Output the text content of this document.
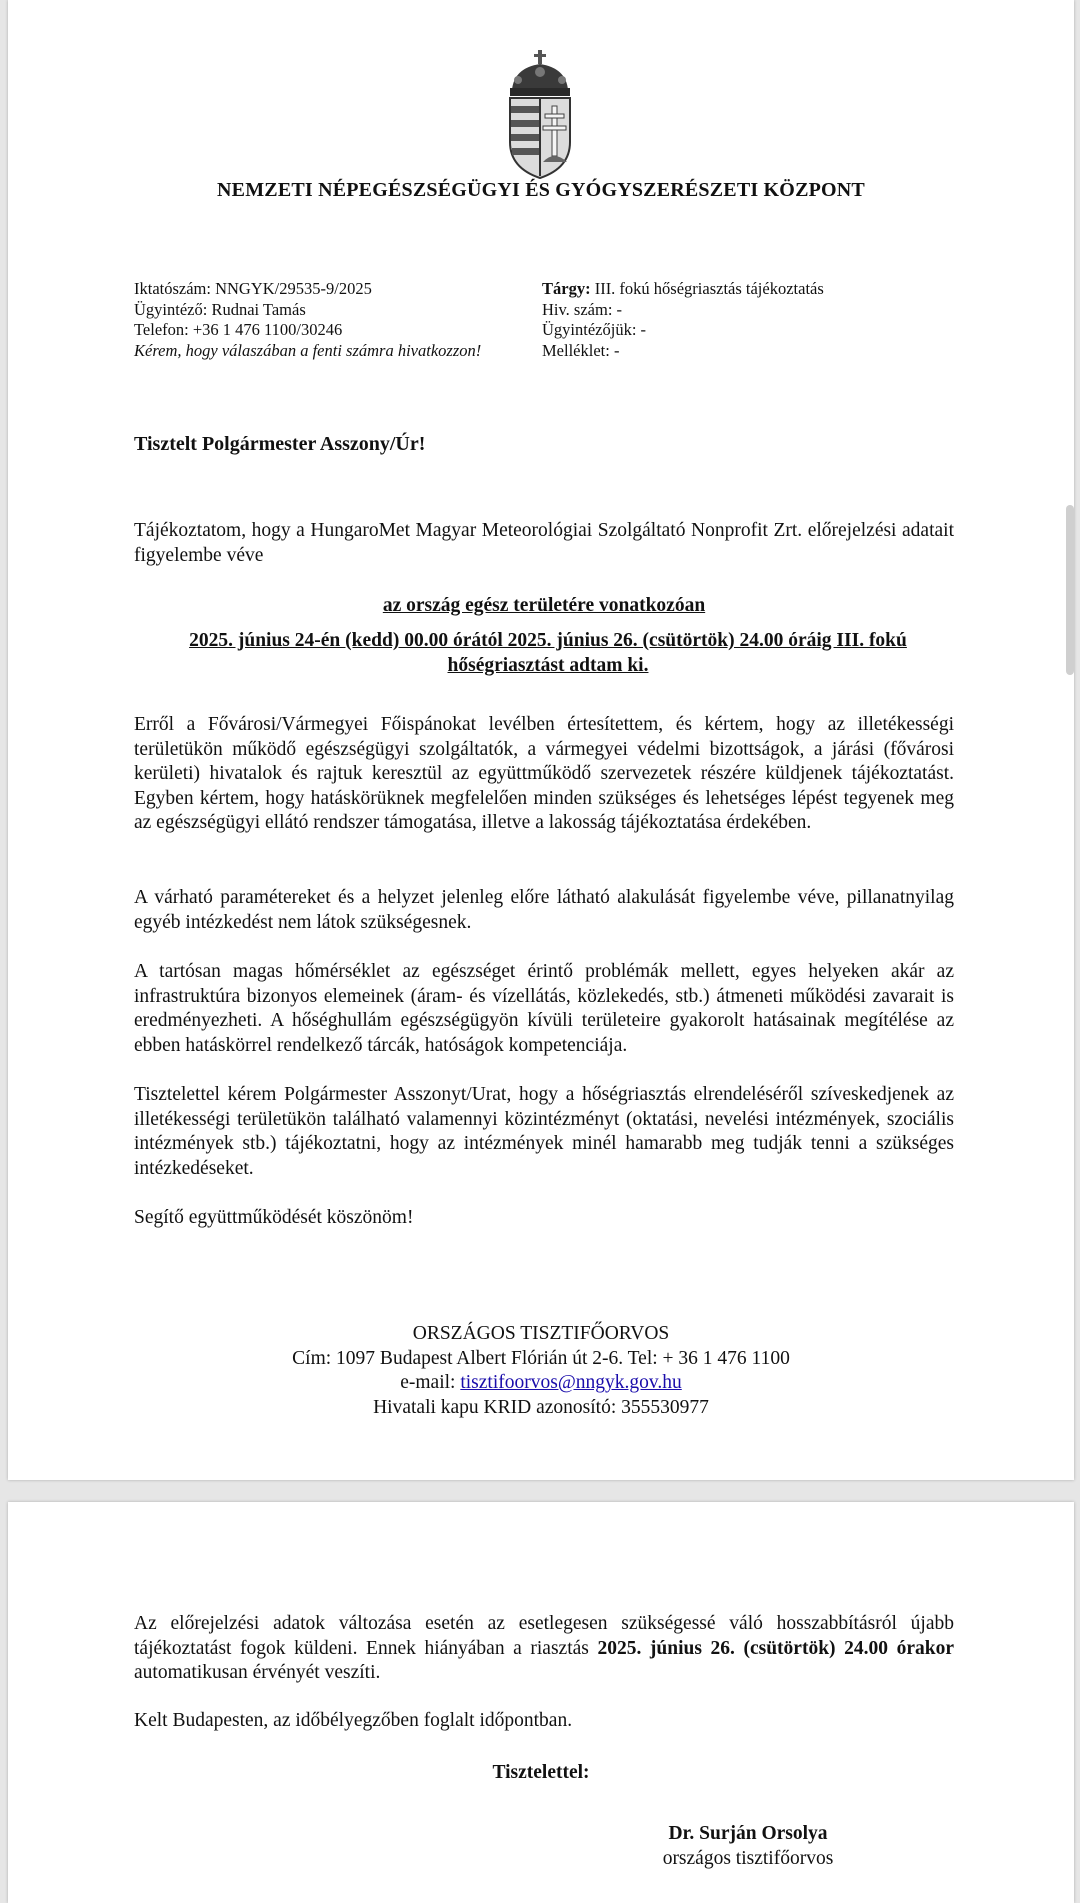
NEMZETI NÉPEGÉSZSÉGÜGYI ÉS GYÓGYSZERÉSZETI KÖZPONT
Iktatószám: NNGYK/29535-9/2025
Ügyintéző: Rudnai Tamás
Telefon: +36 1 476 1100/30246
Kérem, hogy válaszában a fenti számra hivatkozzon!
Tárgy: III. fokú hőségriasztás tájékoztatás
Hiv. szám: -
Ügyintézőjük: -
Melléklet: -
Tisztelt Polgármester Asszony/Úr!
Tájékoztatom, hogy a HungaroMet Magyar Meteorológiai Szolgáltató Nonprofit Zrt. előrejelzési adatait figyelembe véve
az ország egész területére vonatkozóan
2025. június 24-én (kedd) 00.00 órától 2025. június 26. (csütörtök) 24.00 óráig III. fokú hőségriasztást adtam ki.
Erről a Fővárosi/Vármegyei Főispánokat levélben értesítettem, és kértem, hogy az illetékességi területükön működő egészségügyi szolgáltatók, a vármegyei védelmi bizottságok, a járási (fővárosi kerületi) hivatalok és rajtuk keresztül az együttműködő szervezetek részére küldjenek tájékoztatást. Egyben kértem, hogy hatáskörüknek megfelelően minden szükséges és lehetséges lépést tegyenek meg az egészségügyi ellátó rendszer támogatása, illetve a lakosság tájékoztatása érdekében.
A várható paramétereket és a helyzet jelenleg előre látható alakulását figyelembe véve, pillanatnyilag egyéb intézkedést nem látok szükségesnek.
A tartósan magas hőmérséklet az egészséget érintő problémák mellett, egyes helyeken akár az infrastruktúra bizonyos elemeinek (áram- és vízellátás, közlekedés, stb.) átmeneti működési zavarait is eredményezheti. A hőséghullám egészségügyön kívüli területeire gyakorolt hatásainak megítélése az ebben hatáskörrel rendelkező tárcák, hatóságok kompetenciája.
Tisztelettel kérem Polgármester Asszonyt/Urat, hogy a hőségriasztás elrendeléséről szíveskedjenek az illetékességi területükön található valamennyi közintézményt (oktatási, nevelési intézmények, szociális intézmények stb.) tájékoztatni, hogy az intézmények minél hamarabb meg tudják tenni a szükséges intézkedéseket.
Segítő együttműködését köszönöm!
ORSZÁGOS TISZTIFŐORVOS
Cím: 1097 Budapest Albert Flórián út 2-6. Tel: + 36 1 476 1100
e-mail: tisztifoorvos@nngyk.gov.hu
Hivatali kapu KRID azonosító: 355530977
Az előrejelzési adatok változása esetén az esetlegesen szükségessé váló hosszabbításról újabb tájékoztatást fogok küldeni. Ennek hiányában a riasztás 2025. június 26. (csütörtök) 24.00 órakor automatikusan érvényét veszíti.
Kelt Budapesten, az időbélyegzőben foglalt időpontban.
Tisztelettel:
Dr. Surján Orsolya
országos tisztifőorvos
